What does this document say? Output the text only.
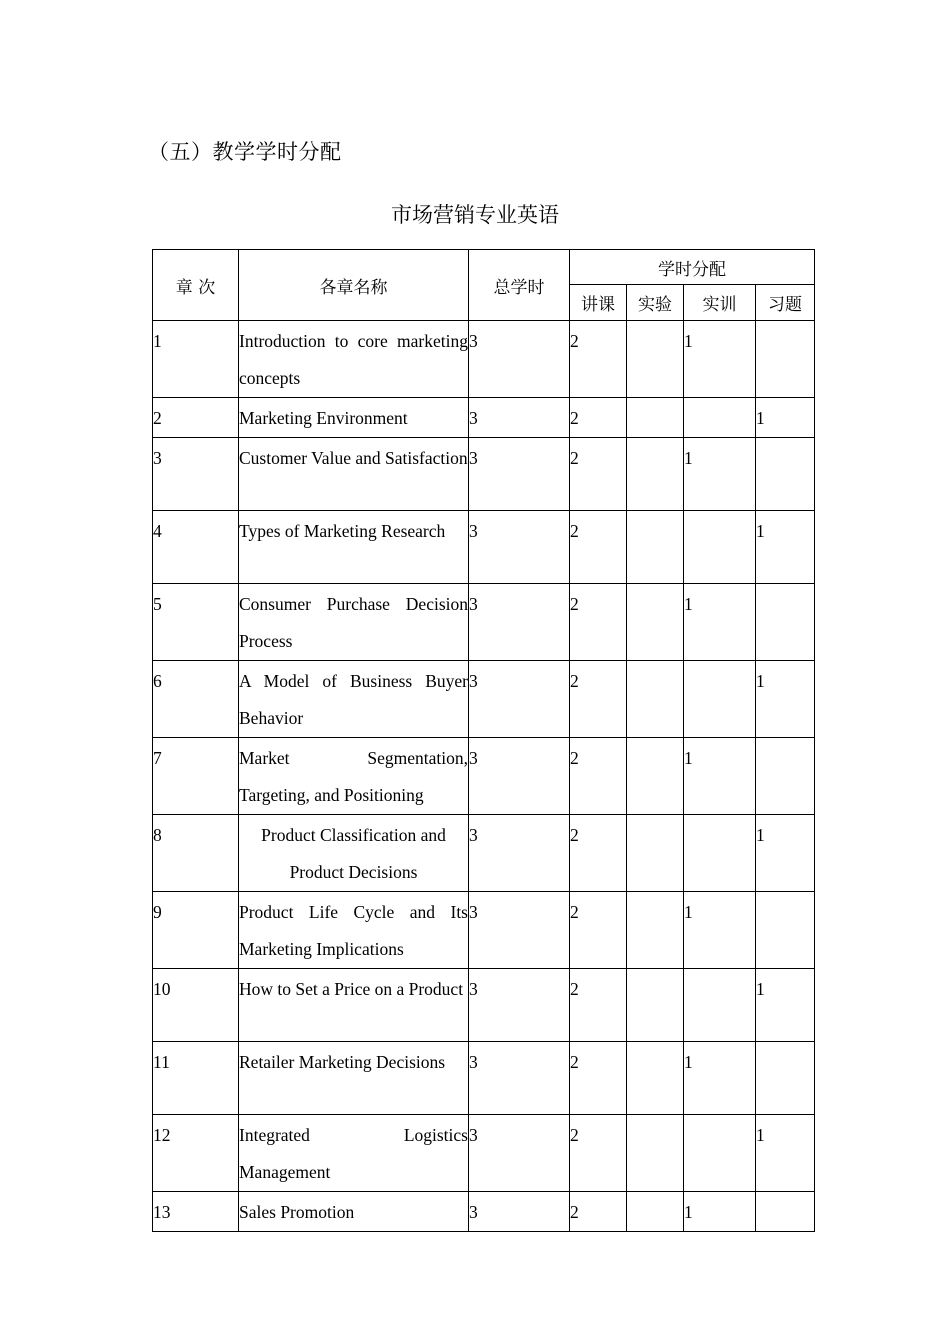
（五）教学学时分配
市场营销专业英语
章 次	各章名称	总学时	学时分配			
			讲课	实验	实训	习题
1	Introduction to core marketing concepts	3	2		1	
2	Marketing Environment	3	2			1
3	Customer Value and Satisfaction	3	2		1	
4	Types of Marketing Research	3	2			1
5	Consumer Purchase Decision Process	3	2		1	
6	A Model of Business Buyer Behavior	3	2			1
7	Market Segmentation, Targeting, and Positioning	3	2		1	
8	Product Classification and Product Decisions	3	2			1
9	Product Life Cycle and Its Marketing Implications	3	2		1	
10	How to Set a Price on a Product	3	2			1
11	Retailer Marketing Decisions	3	2		1	
12	Integrated Logistics Management	3	2			1
13	Sales Promotion	3	2		1	
